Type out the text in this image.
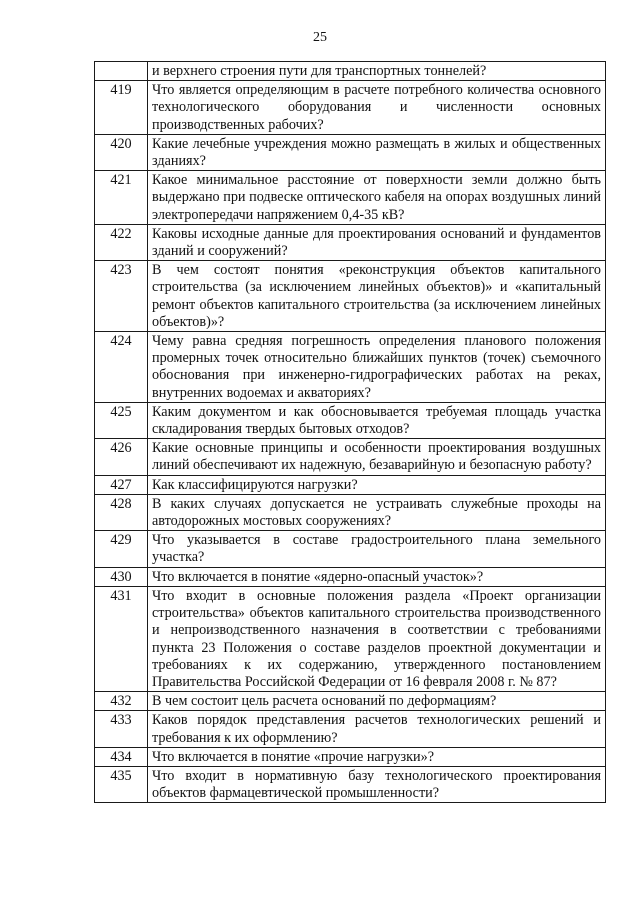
25
	и верхнего строения пути для транспортных тоннелей?
419	Что является определяющим в расчете потребного количества основного технологического оборудования и численности основных производственных рабочих?
420	Какие лечебные учреждения можно размещать в жилых и общественных зданиях?
421	Какое минимальное расстояние от поверхности земли должно быть выдержано при подвеске оптического кабеля на опорах воздушных линий электропередачи напряжением 0,4-35 кВ?
422	Каковы исходные данные для проектирования оснований и фундаментов зданий и сооружений?
423	В чем состоят понятия «реконструкция объектов капитального строительства (за исключением линейных объектов)» и «капитальный ремонт объектов капитального строительства (за исключением линейных объектов)»?
424	Чему равна средняя погрешность определения планового положения промерных точек относительно ближайших пунктов (точек) съемочного обоснования при инженерно-гидрографических работах на реках, внутренних водоемах и акваториях?
425	Каким документом и как обосновывается требуемая площадь участка складирования твердых бытовых отходов?
426	Какие основные принципы и особенности проектирования воздушных линий обеспечивают их надежную, безаварийную и безопасную работу?
427	Как классифицируются нагрузки?
428	В каких случаях допускается не устраивать служебные проходы на автодорожных мостовых сооружениях?
429	Что указывается в составе градостроительного плана земельного участка?
430	Что включается в понятие «ядерно-опасный участок»?
431	Что входит в основные положения раздела «Проект организации строительства» объектов капитального строительства производственного и непроизводственного назначения в соответствии с требованиями пункта 23 Положения о составе разделов проектной документации и требованиях к их содержанию, утвержденного постановлением Правительства Российской Федерации от 16 февраля 2008 г. № 87?
432	В чем состоит цель расчета оснований по деформациям?
433	Каков порядок представления расчетов технологических решений и требования к их оформлению?
434	Что включается в понятие «прочие нагрузки»?
435	Что входит в нормативную базу технологического проектирования объектов фармацевтической промышленности?
